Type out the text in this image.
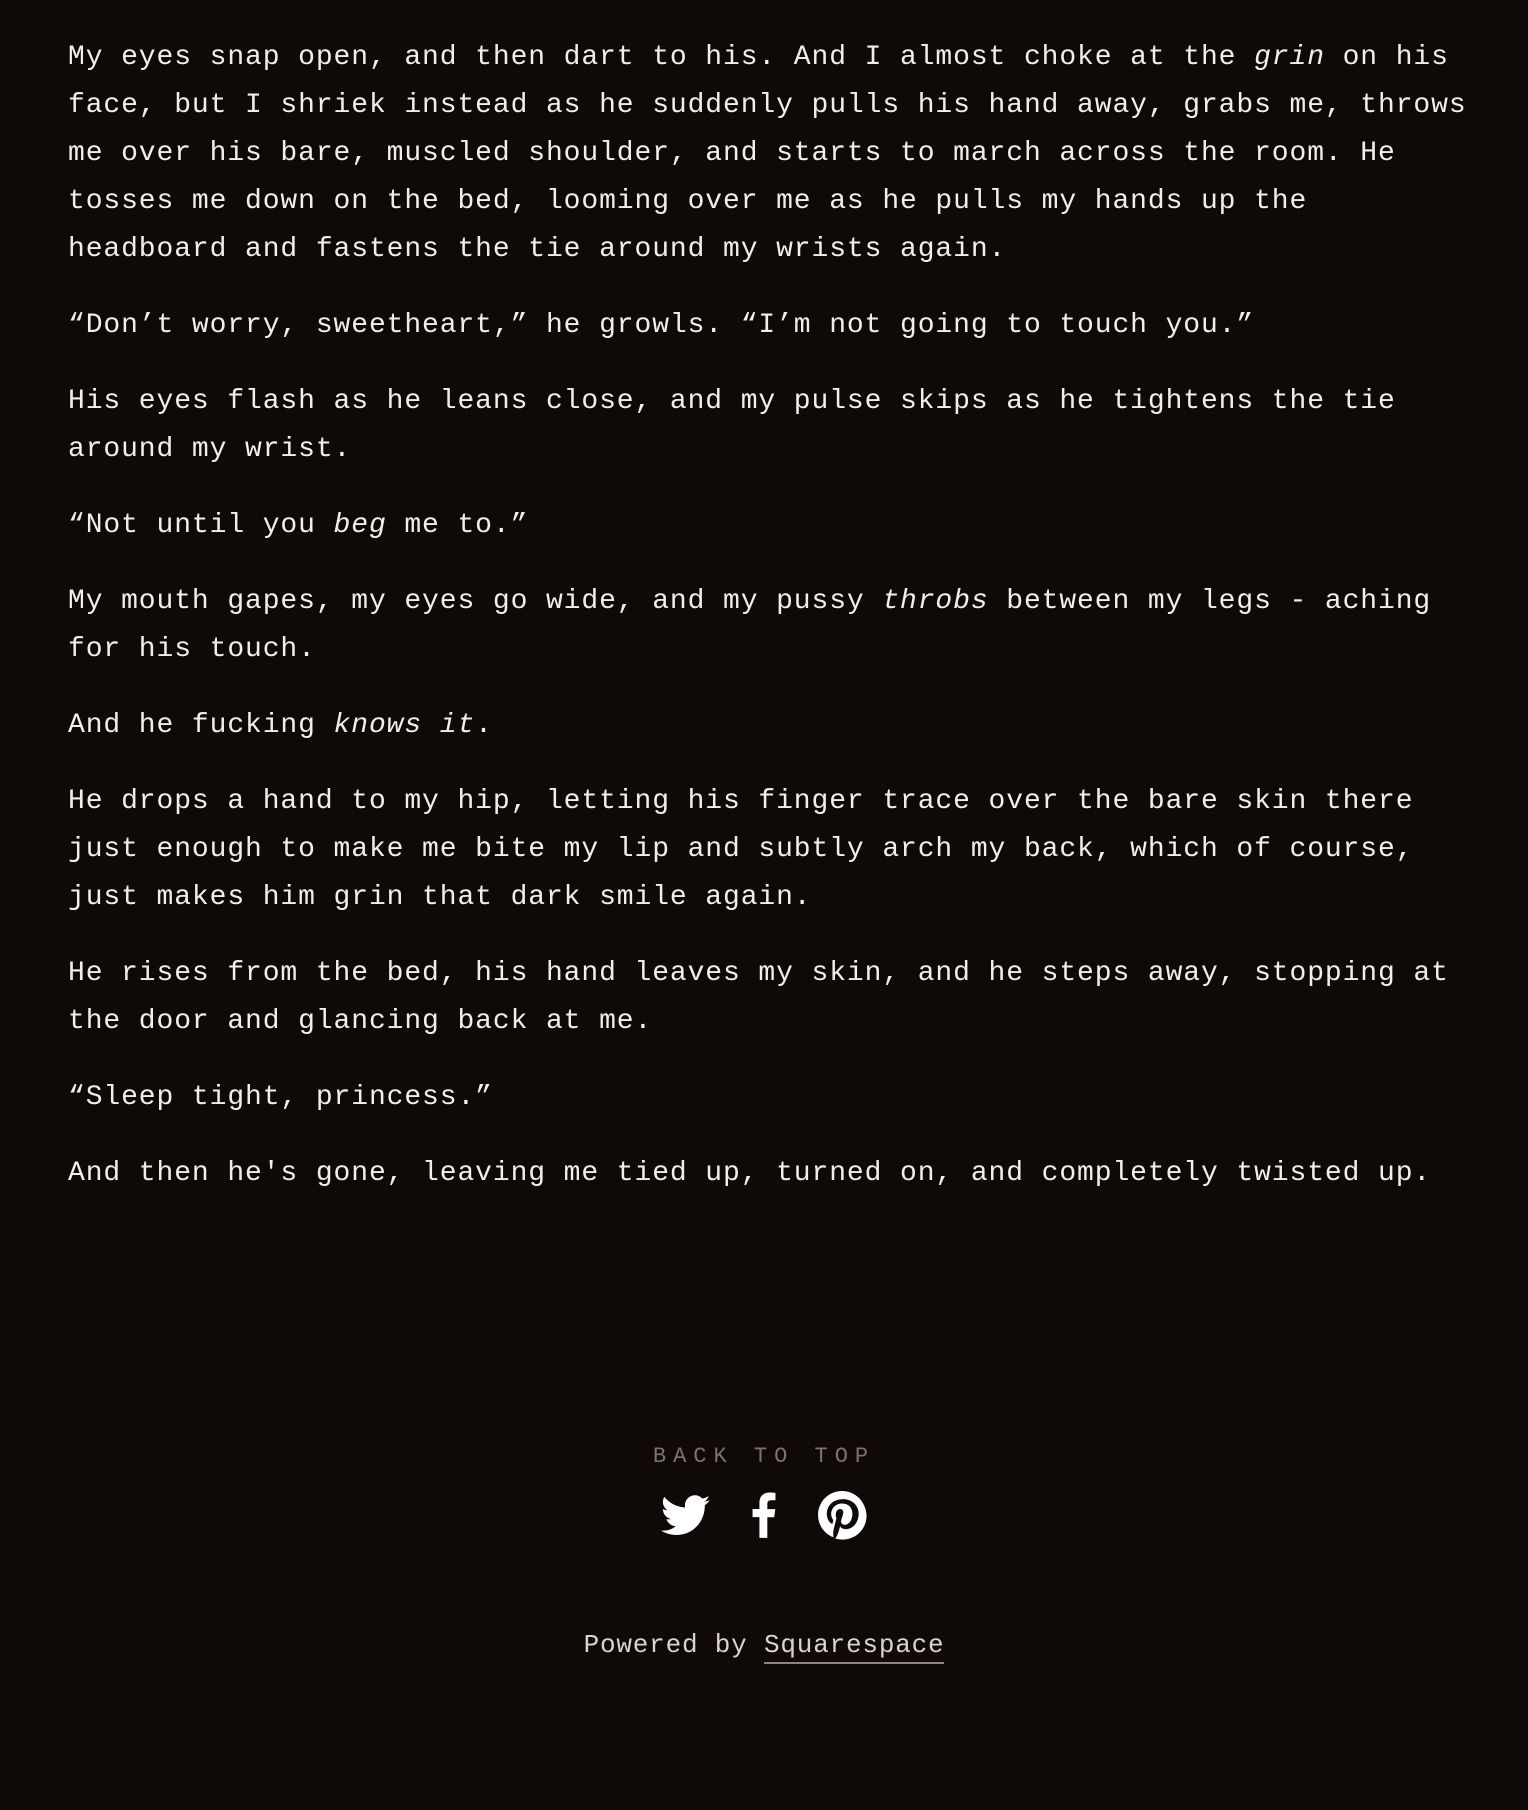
My eyes snap open, and then dart to his. And I almost choke at the grin on his face, but I shriek instead as he suddenly pulls his hand away, grabs me, throws me over his bare, muscled shoulder, and starts to march across the room. He tosses me down on the bed, looming over me as he pulls my hands up the headboard and fastens the tie around my wrists again.

“Don’t worry, sweetheart,” he growls. “I’m not going to touch you.”

His eyes flash as he leans close, and my pulse skips as he tightens the tie around my wrist.

“Not until you beg me to.”

My mouth gapes, my eyes go wide, and my pussy throbs between my legs - aching for his touch.

And he fucking knows it.

He drops a hand to my hip, letting his finger trace over the bare skin there just enough to make me bite my lip and subtly arch my back, which of course, just makes him grin that dark smile again.

He rises from the bed, his hand leaves my skin, and he steps away, stopping at the door and glancing back at me.

“Sleep tight, princess.”

And then he's gone, leaving me tied up, turned on, and completely twisted up.

BACK TO TOP
Powered by Squarespace
